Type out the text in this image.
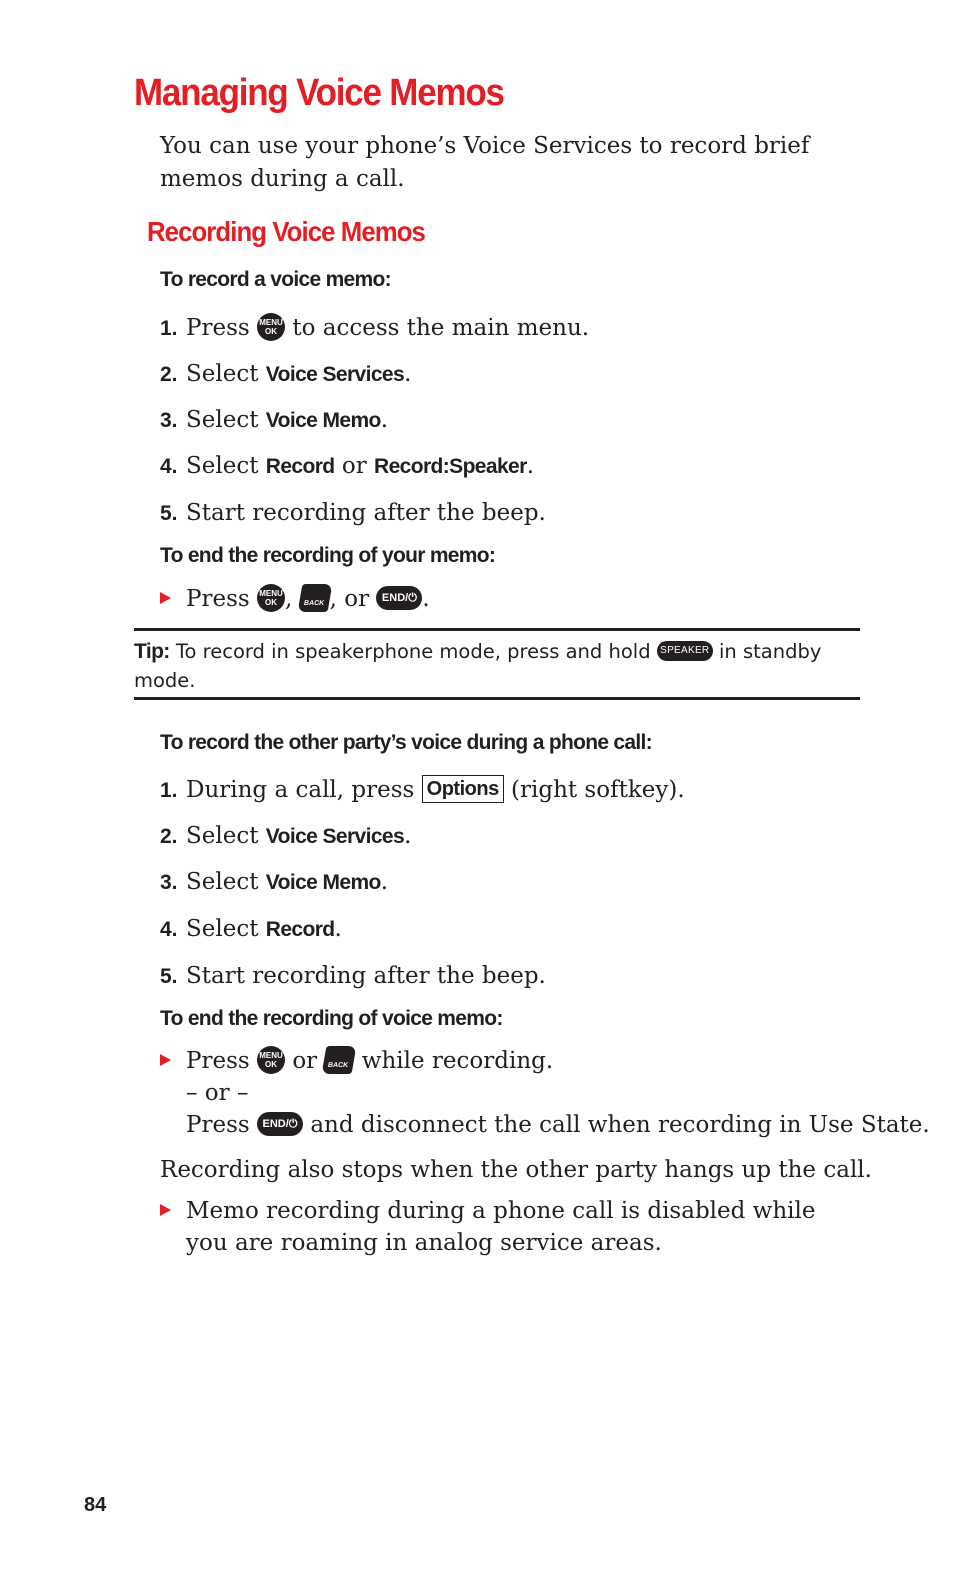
Managing Voice Memos

You can use your phone’s Voice Services to record brief memos during a call.

Recording Voice Memos

To record a voice memo:

1. Press MENU
OK to access the main menu.
2. Select Voice Services.
3. Select Voice Memo.
4. Select Record or Record:Speaker.
5. Start recording after the beep.

To end the recording of your memo:

Press MENU
OK , BACK , or END/⏻ .

Tip: To record in speakerphone mode, press and hold SPEAKER in standby mode.

To record the other party’s voice during a phone call:

1. During a call, press Options (right softkey).
2. Select Voice Services.
3. Select Voice Memo.
4. Select Record.
5. Start recording after the beep.

To end the recording of voice memo:

Press MENU
OK or BACK while recording.
– or –
Press END/⏻ and disconnect the call when recording in Use State.
Recording also stops when the other party hangs up the call.
Memo recording during a phone call is disabled while you are roaming in analog service areas.
84
